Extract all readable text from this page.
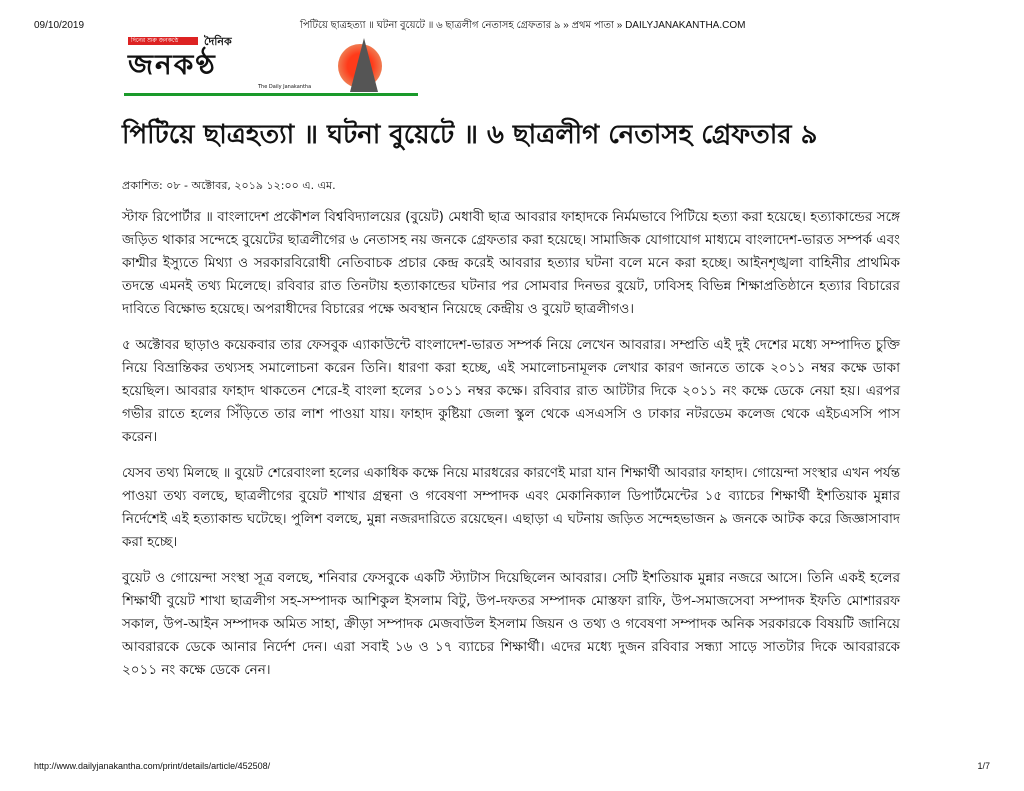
09/10/2019	পিটিয়ে ছাত্রহত্যা ॥ ঘটনা বুয়েটে ॥ ৬ ছাত্রলীগ নেতাসহ গ্রেফতার ৯ » প্রথম পাতা » DAILYJANAKANTHA.COM
দিনের শুরু জনকণ্ঠে	দৈনিক
জনকণ্ঠ
The Daily Janakantha
পিটিয়ে ছাত্রহত্যা ॥ ঘটনা বুয়েটে ॥ ৬ ছাত্রলীগ নেতাসহ গ্রেফতার ৯
প্রকাশিত: ০৮ - অক্টোবর, ২০১৯ ১২:০০ এ. এম.

স্টাফ রিপোর্টার ॥ বাংলাদেশ প্রকৌশল বিশ্ববিদ্যালয়ের (বুয়েট) মেধাবী ছাত্র আবরার ফাহাদকে নির্মমভাবে পিটিয়ে হত্যা করা হয়েছে। হত্যাকান্ডের সঙ্গে জড়িত থাকার সন্দেহে বুয়েটের ছাত্রলীগের ৬ নেতাসহ নয় জনকে গ্রেফতার করা হয়েছে। সামাজিক যোগাযোগ মাধ্যমে বাংলাদেশ-ভারত সম্পর্ক এবং কাশ্মীর ইস্যুতে মিথ্যা ও সরকারবিরোধী নেতিবাচক প্রচার কেন্দ্র করেই আবরার হত্যার ঘটনা বলে মনে করা হচ্ছে। আইনশৃঙ্খলা বাহিনীর প্রাথমিক তদন্তে এমনই তথ্য মিলেছে। রবিবার রাত তিনটায় হত্যাকান্ডের ঘটনার পর সোমবার দিনভর বুয়েট, ঢাবিসহ বিভিন্ন শিক্ষাপ্রতিষ্ঠানে হত্যার বিচারের দাবিতে বিক্ষোভ হয়েছে। অপরাধীদের বিচারের পক্ষে অবস্থান নিয়েছে কেন্দ্রীয় ও বুয়েট ছাত্রলীগও।

৫ অক্টোবর ছাড়াও কয়েকবার তার ফেসবুক এ্যাকাউন্টে বাংলাদেশ-ভারত সম্পর্ক নিয়ে লেখেন আবরার। সম্প্রতি এই দুই দেশের মধ্যে সম্পাদিত চুক্তি নিয়ে বিভ্রান্তিকর তথ্যসহ সমালোচনা করেন তিনি। ধারণা করা হচ্ছে, এই সমালোচনামূলক লেখার কারণ জানতে তাকে ২০১১ নম্বর কক্ষে ডাকা হয়েছিল। আবরার ফাহাদ থাকতেন শেরে-ই বাংলা হলের ১০১১ নম্বর কক্ষে। রবিবার রাত আটটার দিকে ২০১১ নং কক্ষে ডেকে নেয়া হয়। এরপর গভীর রাতে হলের সিঁড়িতে তার লাশ পাওয়া যায়। ফাহাদ কুষ্টিয়া জেলা স্কুল থেকে এসএসসি ও ঢাকার নটরডেম কলেজ থেকে এইচএসসি পাস করেন।

যেসব তথ্য মিলছে ॥ বুয়েট শেরেবাংলা হলের একাধিক কক্ষে নিয়ে মারধরের কারণেই মারা যান শিক্ষার্থী আবরার ফাহাদ। গোয়েন্দা সংস্থার এখন পর্যন্ত পাওয়া তথ্য বলছে, ছাত্রলীগের বুয়েট শাখার গ্রন্থনা ও গবেষণা সম্পাদক এবং মেকানিক্যাল ডিপার্টমেন্টের ১৫ ব্যাচের শিক্ষার্থী ইশতিয়াক মুন্নার নির্দেশেই এই হত্যাকান্ড ঘটেছে। পুলিশ বলছে, মুন্না নজরদারিতে রয়েছেন। এছাড়া এ ঘটনায় জড়িত সন্দেহভাজন ৯ জনকে আটক করে জিজ্ঞাসাবাদ করা হচ্ছে।

বুয়েট ও গোয়েন্দা সংস্থা সূত্র বলছে, শনিবার ফেসবুকে একটি স্ট্যাটাস দিয়েছিলেন আবরার। সেটি ইশতিয়াক মুন্নার নজরে আসে। তিনি একই হলের শিক্ষার্থী বুয়েট শাখা ছাত্রলীগ সহ-সম্পাদক আশিকুল ইসলাম বিটু, উপ-দফতর সম্পাদক মোস্তফা রাফি, উপ-সমাজসেবা সম্পাদক ইফতি মোশাররফ সকাল, উপ-আইন সম্পাদক অমিত সাহা, ক্রীড়া সম্পাদক মেজবাউল ইসলাম জিয়ন ও তথ্য ও গবেষণা সম্পাদক অনিক সরকারকে বিষয়টি জানিয়ে আবরারকে ডেকে আনার নির্দেশ দেন। এরা সবাই ১৬ ও ১৭ ব্যাচের শিক্ষার্থী। এদের মধ্যে দুজন রবিবার সন্ধ্যা সাড়ে সাতটার দিকে আবরারকে ২০১১ নং কক্ষে ডেকে নেন।

http://www.dailyjanakantha.com/print/details/article/452508/	1/7
